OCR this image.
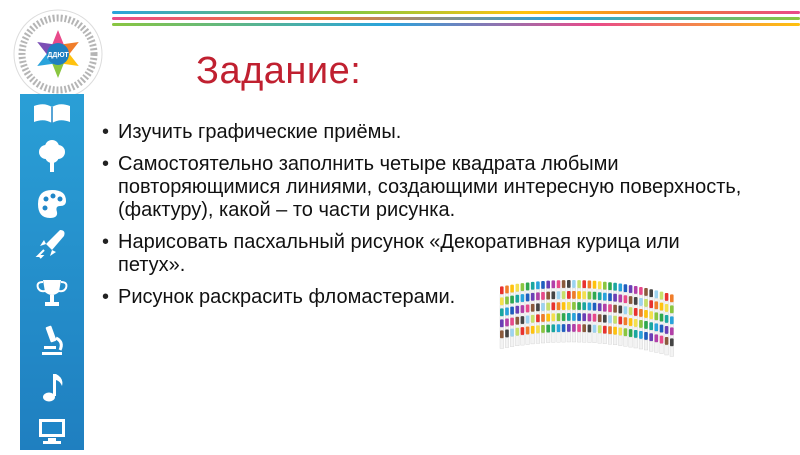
ДДЮТ	Задание:
• Изучить графические приёмы.
• Самостоятельно заполнить четыре квадрата любыми повторяющимися линиями, создающими интересную поверхность, (фактуру), какой – то части рисунка.
• Нарисовать пасхальный рисунок «Декоративная курица или петух».
• Рисунок раскрасить фломастерами.
